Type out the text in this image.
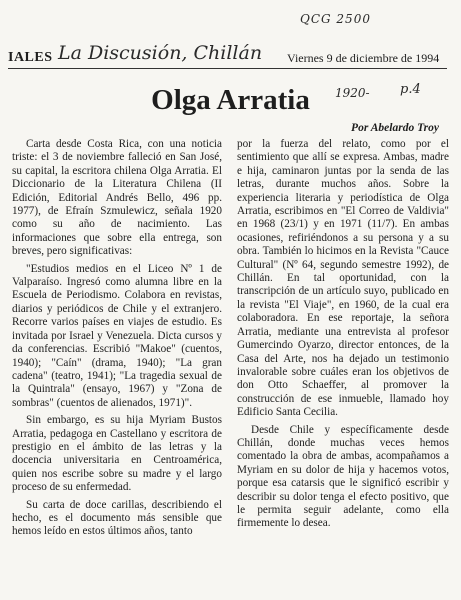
QCG 2500
IALES La Discusión, Chillán Viernes 9 de diciembre de 1994
Olga Arratia	1920- p.4
Por Abelardo Troy

Carta desde Costa Rica, con una noticia triste: el 3 de noviembre falleció en San José, su capital, la escritora chilena Olga Arratia. El Diccionario de la Literatura Chilena (II Edición, Editorial Andrés Bello, 496 pp. 1977), de Efraín Szmulewicz, señala 1920 como su año de nacimiento. Las informaciones que sobre ella entrega, son breves, pero significativas:

"Estudios medios en el Liceo Nº 1 de Valparaíso. Ingresó como alumna libre en la Escuela de Periodismo. Colabora en revistas, diarios y periódicos de Chile y el extranjero. Recorre varios países en viajes de estudio. Es invitada por Israel y Venezuela. Dicta cursos y da conferencias. Escribió "Makoe" (cuentos, 1940); "Caín" (drama, 1940); "La gran cadena" (teatro, 1941); "La tragedia sexual de la Quintrala" (ensayo, 1967) y "Zona de sombras" (cuentos de alienados, 1971)".

Sin embargo, es su hija Myriam Bustos Arratia, pedagoga en Castellano y escritora de prestigio en el ámbito de las letras y la docencia universitaria en Centroamérica, quien nos escribe sobre su madre y el largo proceso de su enfermedad.

Su carta de doce carillas, describiendo el hecho, es el documento más sensible que hemos leído en estos últimos años, tanto

por la fuerza del relato, como por el sentimiento que allí se expresa. Ambas, madre e hija, caminaron juntas por la senda de las letras, durante muchos años. Sobre la experiencia literaria y periodística de Olga Arratia, escribimos en "El Correo de Valdivia" en 1968 (23/1) y en 1971 (11/7). En ambas ocasiones, refiriéndonos a su persona y a su obra. También lo hicimos en la Revista "Cauce Cultural" (Nº 64, segundo semestre 1992), de Chillán. En tal oportunidad, con la transcripción de un artículo suyo, publicado en la revista "El Viaje", en 1960, de la cual era colaboradora. En ese reportaje, la señora Arratia, mediante una entrevista al profesor Gumercindo Oyarzo, director entonces, de la Casa del Arte, nos ha dejado un testimonio invalorable sobre cuáles eran los objetivos de don Otto Schaeffer, al promover la construcción de ese inmueble, llamado hoy Edificio Santa Cecilia.

Desde Chile y específicamente desde Chillán, donde muchas veces hemos comentado la obra de ambas, acompañamos a Myriam en su dolor de hija y hacemos votos, porque esa catarsis que le significó escribir y describir su dolor tenga el efecto positivo, que le permita seguir adelante, como ella firmemente lo desea.
